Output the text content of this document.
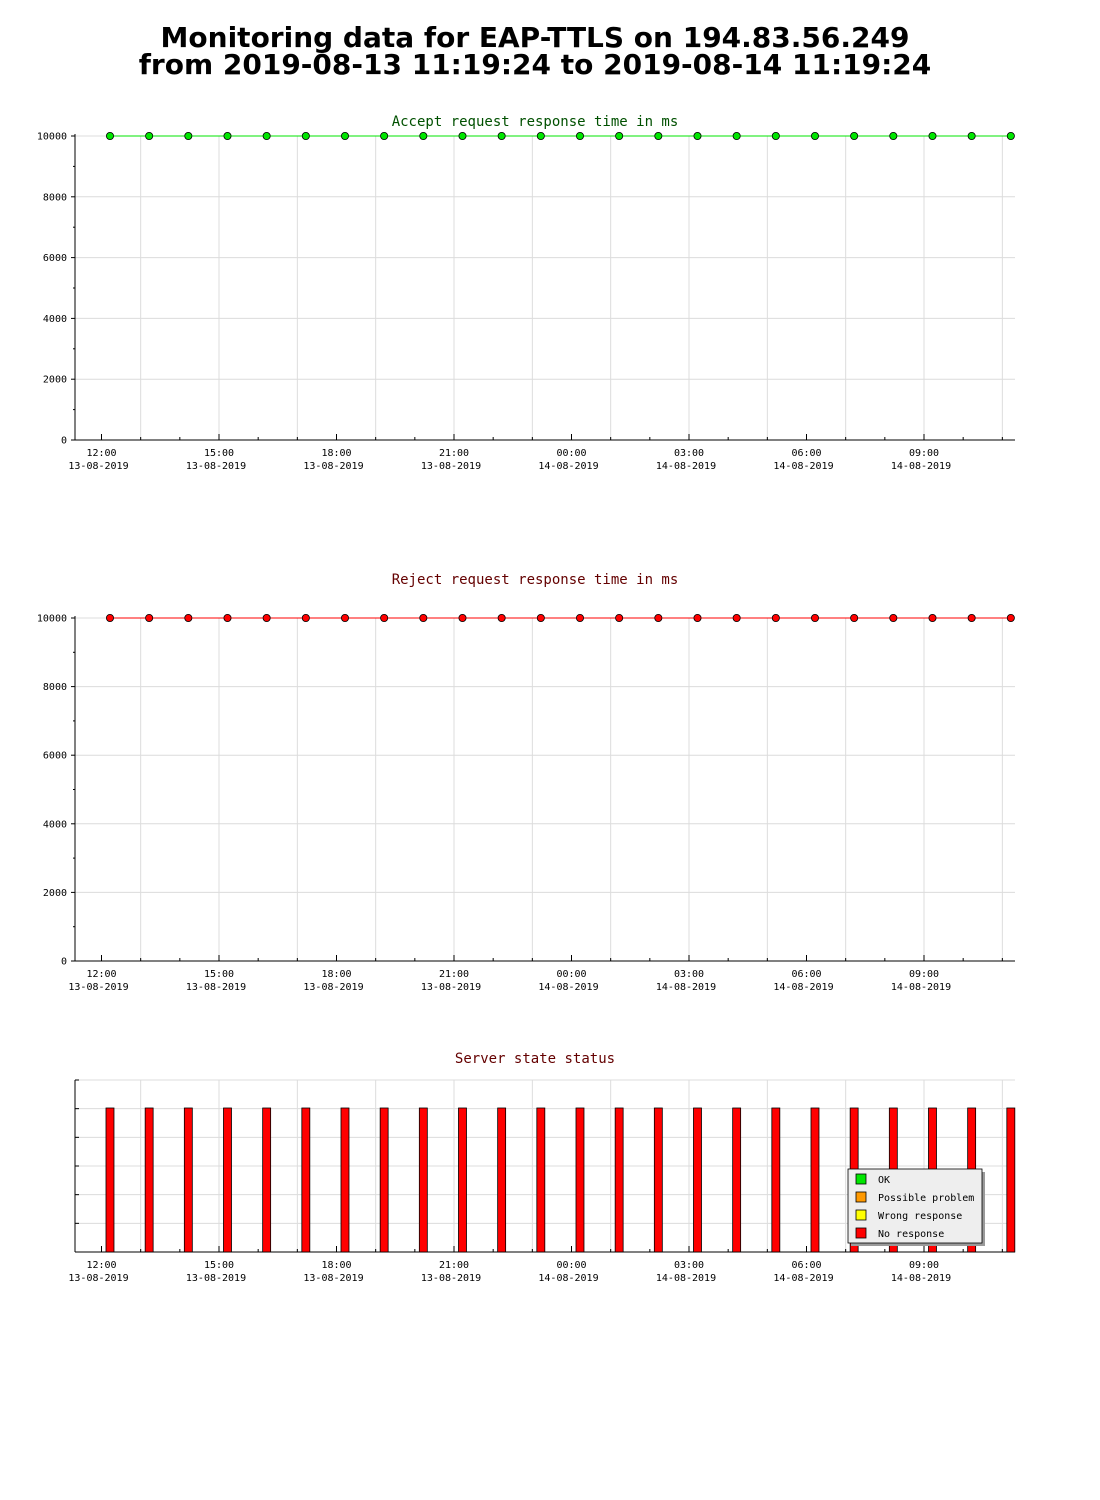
Monitoring data for EAP-TTLS on 194.83.56.249
from 2019-08-13 11:19:24 to 2019-08-14 11:19:24
Accept request response time in ms
0
2000
4000
6000
8000
10000
12:00
13-08-2019
15:00
13-08-2019
18:00
13-08-2019
21:00
13-08-2019
00:00
14-08-2019
03:00
14-08-2019
06:00
14-08-2019
09:00
14-08-2019
Reject request response time in ms
0
2000
4000
6000
8000
10000
12:00
13-08-2019
15:00
13-08-2019
18:00
13-08-2019
21:00
13-08-2019
00:00
14-08-2019
03:00
14-08-2019
06:00
14-08-2019
09:00
14-08-2019
Server state status
12:00
13-08-2019
15:00
13-08-2019
18:00
13-08-2019
21:00
13-08-2019
00:00
14-08-2019
03:00
14-08-2019
06:00
14-08-2019
09:00
14-08-2019
OK
Possible problem
Wrong response
No response
